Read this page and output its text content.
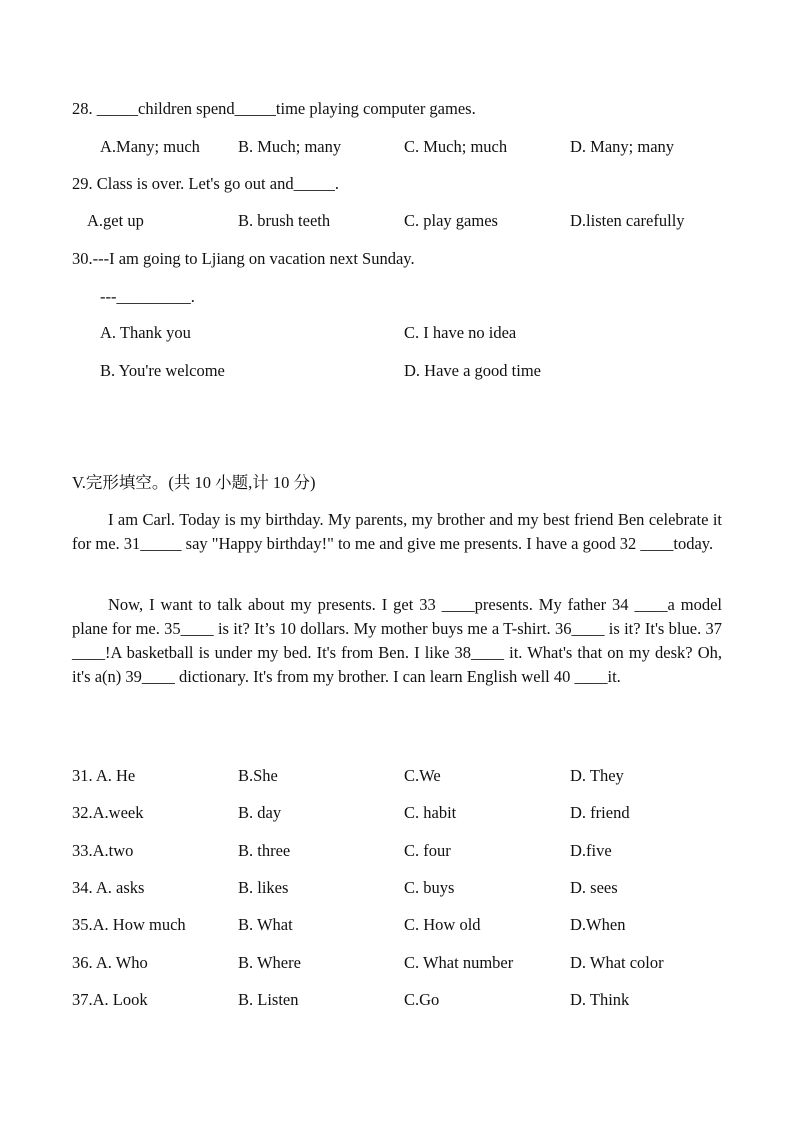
28. _____children spend_____time playing computer games.
A.Many; much B. Much; many	C. Much; much	D. Many; many
29. Class is over. Let's go out and_____.
A.get up	B. brush teeth	C. play games	D.listen carefully
30.---I am going to Ljiang on vacation next Sunday.
---_________.
A. Thank you	C. I have no idea
B. You're welcome	D. Have a good time
V.完形填空。(共 10 小题,计 10 分)
I am Carl. Today is my birthday. My parents, my brother and my best friend Ben celebrate it for me. 31_____ say "Happy birthday!" to me and give me presents. I have a good 32 ____today.
Now, I want to talk about my presents. I get 33 ____presents. My father 34 ____a model plane for me. 35____ is it? It’s 10 dollars. My mother buys me a T-shirt. 36____ is it? It's blue. 37 ____!A basketball is under my bed. It's from Ben. I like 38____ it. What's that on my desk? Oh, it's a(n) 39____ dictionary. It's from my brother. I can learn English well 40 ____it.
31. A. He	B.She	C.We	D. They
32.A.week	B. day	C. habit	D. friend
33.A.two	B. three	C. four	D.five
34. A. asks	B. likes	C. buys	D. sees
35.A. How much	B. What	C. How old	D.When
36. A. Who	B. Where	C. What number	D. What color
37.A. Look	B. Listen	C.Go	D. Think
